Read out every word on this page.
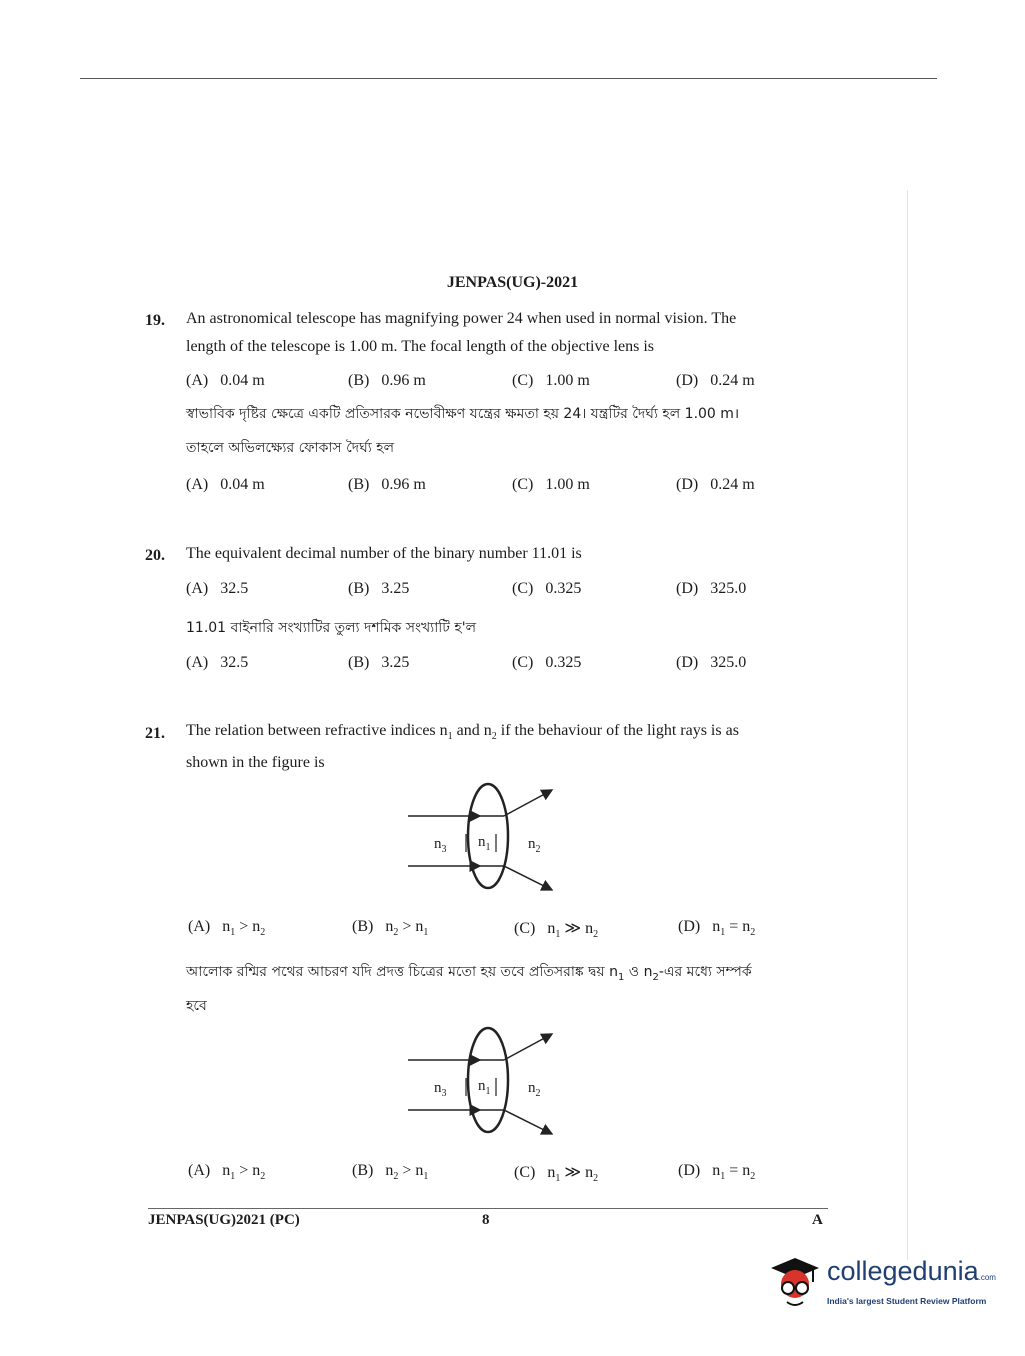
JENPAS(UG)-2021
19. An astronomical telescope has magnifying power 24 when used in normal vision. The
length of the telescope is 1.00 m. The focal length of the objective lens is
(A) 0.04 m	(B) 0.96 m	(C) 1.00 m	(D) 0.24 m
স্বাভাবিক দৃষ্টির ক্ষেত্রে একটি প্রতিসারক নভোবীক্ষণ যন্ত্রের ক্ষমতা হয় 24। যন্ত্রটির দৈর্ঘ্য হল 1.00 m।
তাহলে অভিলক্ষ্যের ফোকাস দৈর্ঘ্য হল
(A) 0.04 m	(B) 0.96 m	(C) 1.00 m	(D) 0.24 m
20. The equivalent decimal number of the binary number 11.01 is
(A) 32.5	(B) 3.25	(C) 0.325	(D) 325.0
11.01 বাইনারি সংখ্যাটির তুল্য দশমিক সংখ্যাটি হ'ল
(A) 32.5	(B) 3.25	(C) 0.325	(D) 325.0
21. The relation between refractive indices $n_1$ and $n_2$ if the behaviour of the light rays is as
shown in the figure is
$n_3$ $n_1$	$n_2$
(A) $n_1 > n_2$	(B) $n_2 > n_1$	(C) $n_1$ ≫ $n_2$	(D) $n_1 = n_2$
আলোক রশ্মির পথের আচরণ যদি প্রদত্ত চিত্রের মতো হয় তবে প্রতিসরাঙ্ক দ্বয় $n_1$ ও $n_2-এর$ মধ্যে সম্পর্ক
হবে
$n_3$ $n_1$	$n_2$
(A) $n_1 > n_2$	(B) $n_2 > n_1$	(C) $n_1$ ≫ $n_2$	(D) $n_1 = n_2$
JENPAS(UG)2021 (PC)	8	A
collegedunia.com
India's largest Student Review Platform
